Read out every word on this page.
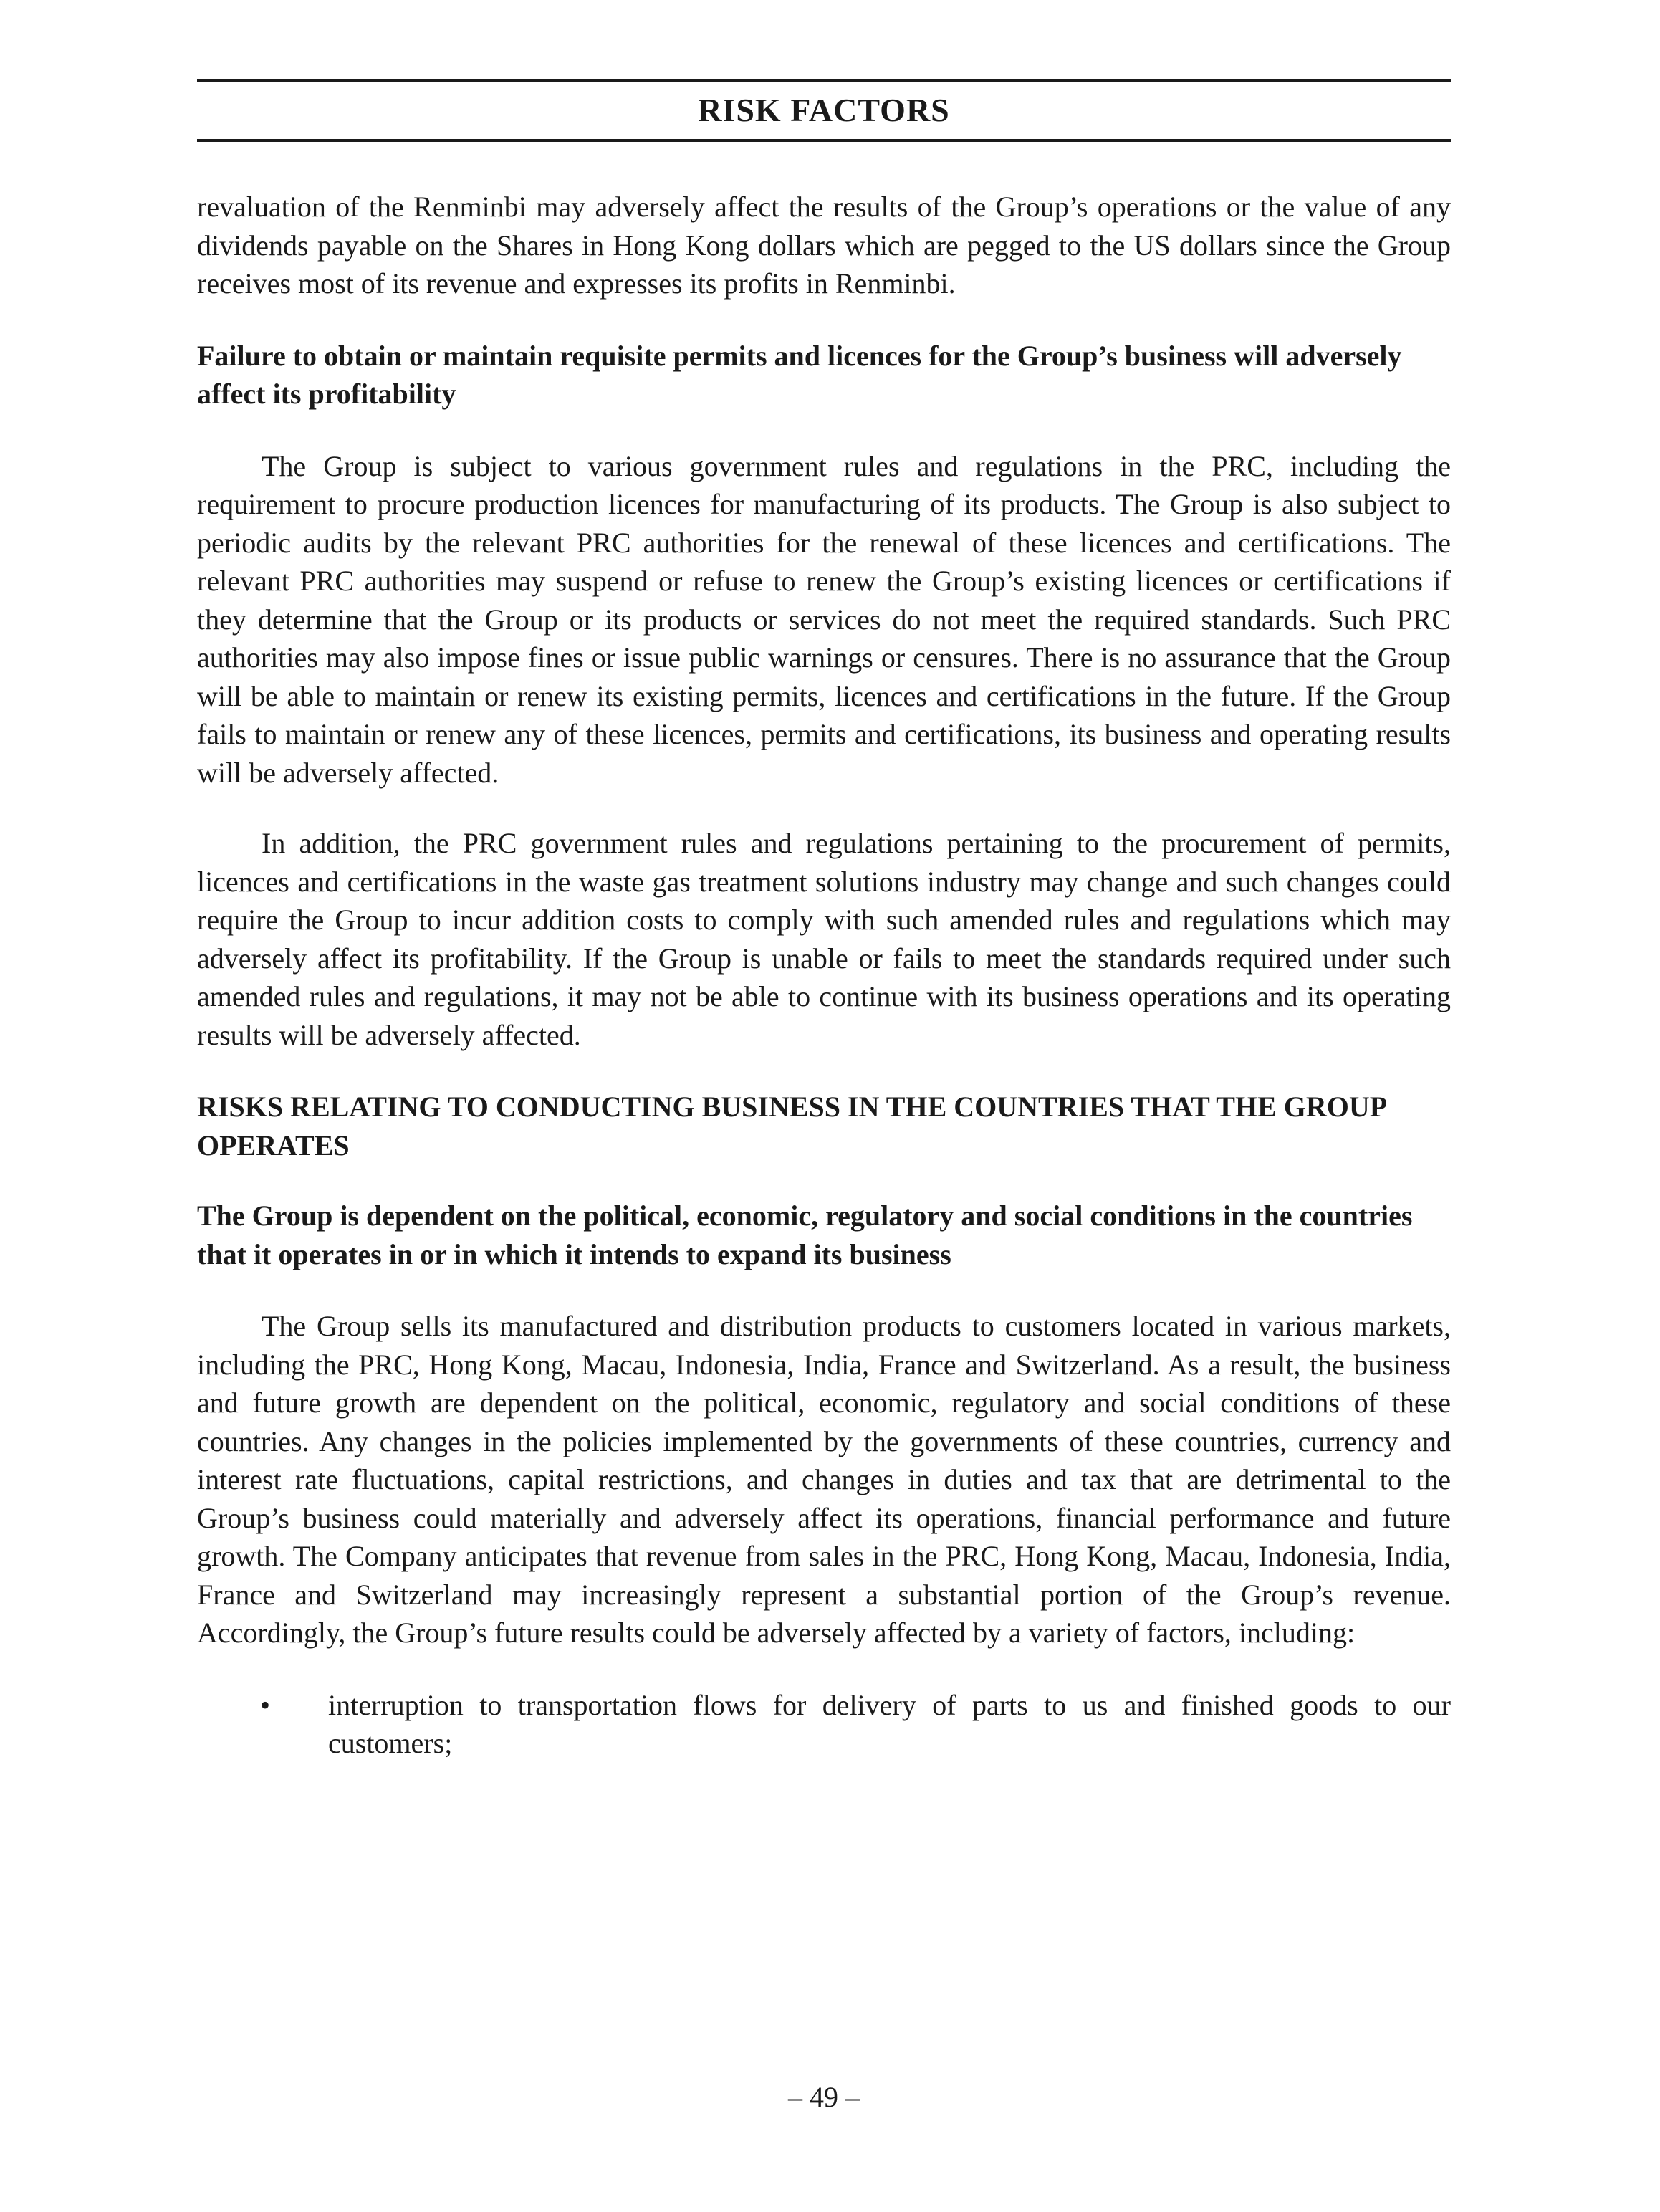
RISK FACTORS

revaluation of the Renminbi may adversely affect the results of the Group’s operations or the value of any dividends payable on the Shares in Hong Kong dollars which are pegged to the US dollars since the Group receives most of its revenue and expresses its profits in Renminbi.

Failure to obtain or maintain requisite permits and licences for the Group’s business will adversely affect its profitability

The Group is subject to various government rules and regulations in the PRC, including the requirement to procure production licences for manufacturing of its products. The Group is also subject to periodic audits by the relevant PRC authorities for the renewal of these licences and certifications. The relevant PRC authorities may suspend or refuse to renew the Group’s existing licences or certifications if they determine that the Group or its products or services do not meet the required standards. Such PRC authorities may also impose fines or issue public warnings or censures. There is no assurance that the Group will be able to maintain or renew its existing permits, licences and certifications in the future. If the Group fails to maintain or renew any of these licences, permits and certifications, its business and operating results will be adversely affected.

In addition, the PRC government rules and regulations pertaining to the procurement of permits, licences and certifications in the waste gas treatment solutions industry may change and such changes could require the Group to incur addition costs to comply with such amended rules and regulations which may adversely affect its profitability. If the Group is unable or fails to meet the standards required under such amended rules and regulations, it may not be able to continue with its business operations and its operating results will be adversely affected.

RISKS RELATING TO CONDUCTING BUSINESS IN THE COUNTRIES THAT THE GROUP OPERATES
The Group is dependent on the political, economic, regulatory and social conditions in the countries that it operates in or in which it intends to expand its business

The Group sells its manufactured and distribution products to customers located in various markets, including the PRC, Hong Kong, Macau, Indonesia, India, France and Switzerland. As a result, the business and future growth are dependent on the political, economic, regulatory and social conditions of these countries. Any changes in the policies implemented by the governments of these countries, currency and interest rate fluctuations, capital restrictions, and changes in duties and tax that are detrimental to the Group’s business could materially and adversely affect its operations, financial performance and future growth. The Company anticipates that revenue from sales in the PRC, Hong Kong, Macau, Indonesia, India, France and Switzerland may increasingly represent a substantial portion of the Group’s revenue. Accordingly, the Group’s future results could be adversely affected by a variety of factors, including:

• interruption to transportation flows for delivery of parts to us and finished goods to our customers;

– 49 –
